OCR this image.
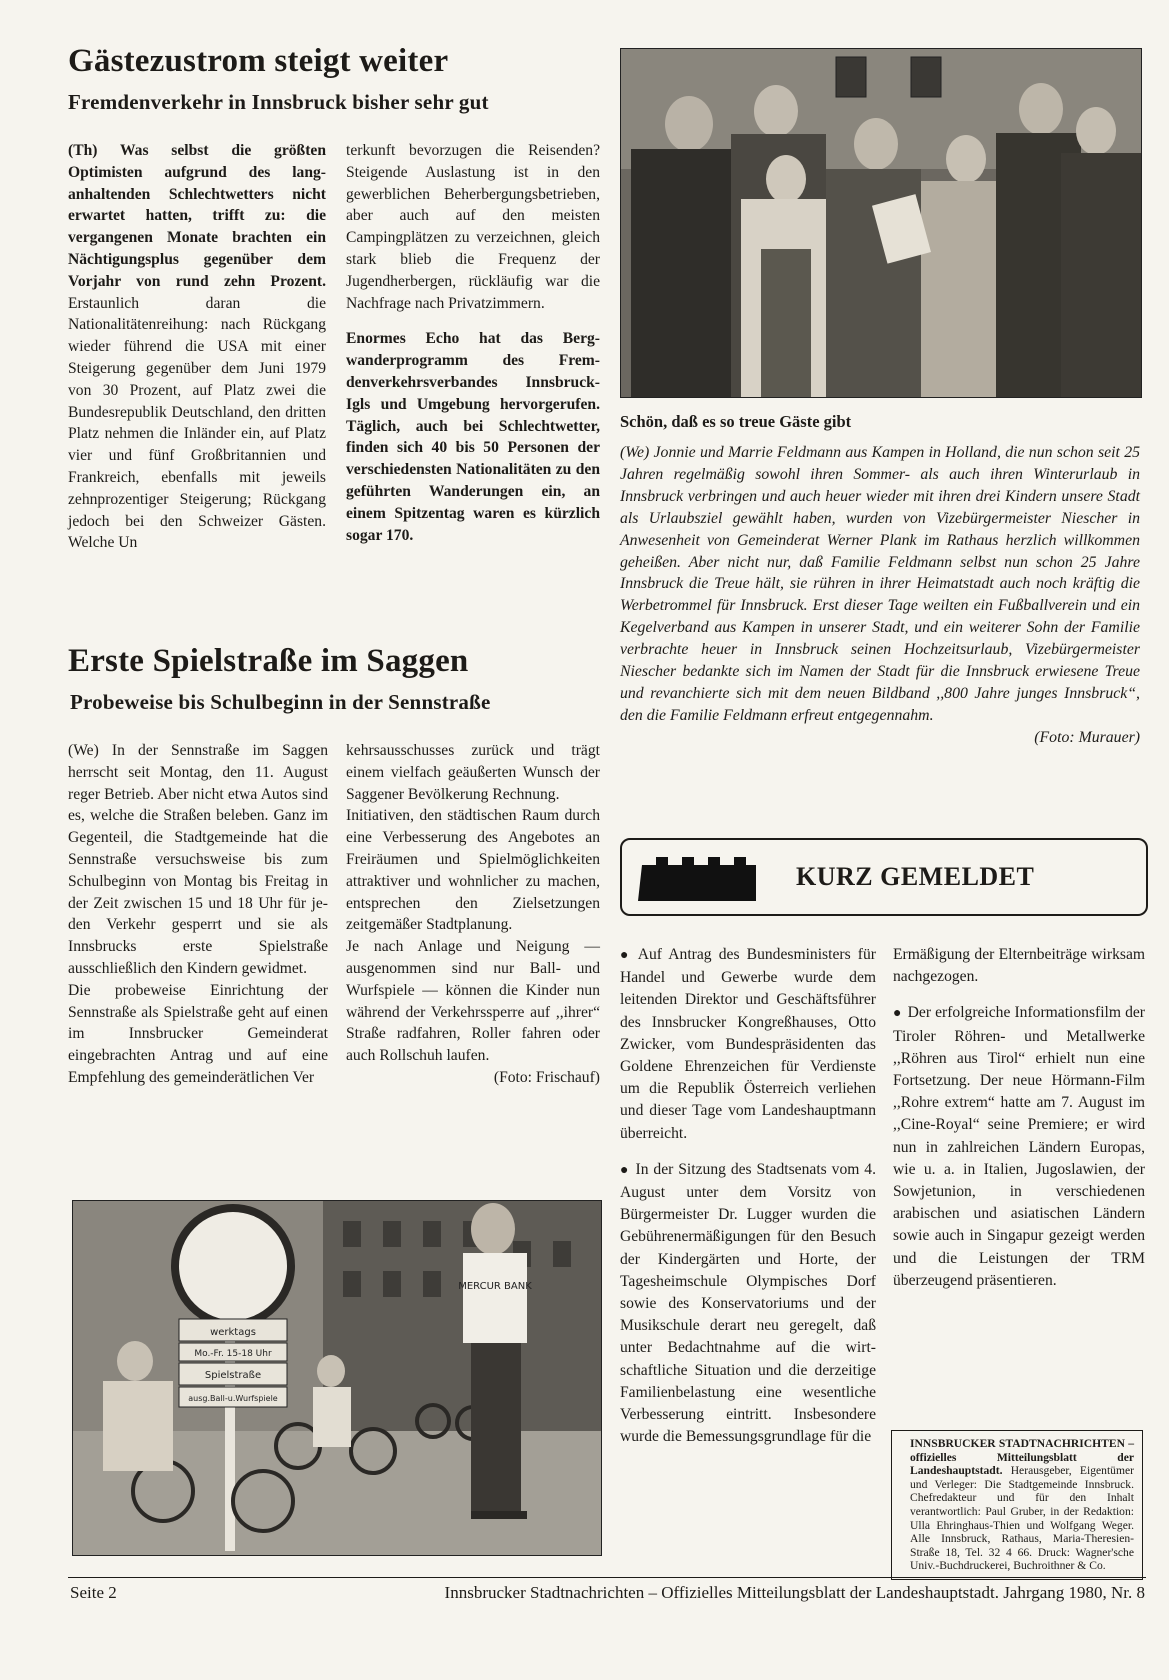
Gästezustrom steigt weiter
Fremdenverkehr in Innsbruck bisher sehr gut

(Th) Was selbst die größten Optimisten aufgrund des langanhaltenden Schlechtwetters nicht erwartet hatten, trifft zu: die vergangenen Monate brachten ein Nächtigungsplus gegenüber dem Vorjahr von rund zehn Prozent. Erstaunlich daran die Nationalitätenreihung: nach Rückgang wieder führend die USA mit einer Steigerung gegenüber dem Juni 1979 von 30 Prozent, auf Platz zwei die Bundesrepublik Deutschland, den dritten Platz nehmen die Inländer ein, auf Platz vier und fünf Großbritannien und Frankreich, ebenfalls mit jeweils zehnprozentiger Steigerung; Rückgang jedoch bei den Schweizer Gästen. Welche Un

terkunft bevorzugen die Reisenden? Steigende Auslastung ist in den gewerblichen Beherbergungsbetrieben, aber auch auf den meisten Campingplätzen zu verzeichnen, gleich stark blieb die Frequenz der Jugendherbergen, rückläufig war die Nachfrage nach Privatzimmern.

Enormes Echo hat das Bergwanderprogramm des Fremdenverkehrsverbandes Innsbruck-Igls und Umgebung hervorgerufen. Täglich, auch bei Schlechtwetter, finden sich 40 bis 50 Personen der verschiedensten Nationalitäten zu den geführten Wanderungen ein, an einem Spitzentag waren es kürzlich sogar 170.

Schön, daß es so treue Gäste gibt

(We) Jonnie und Marrie Feldmann aus Kampen in Holland, die nun schon seit 25 Jahren regelmäßig sowohl ihren Sommer- als auch ihren Winterurlaub in Innsbruck verbringen und auch heuer wieder mit ihren drei Kindern unsere Stadt als Urlaubsziel gewählt haben, wurden von Vizebürgermeister Niescher in Anwesenheit von Gemeinderat Werner Plank im Rathaus herzlich willkommen geheißen. Aber nicht nur, daß Familie Feldmann selbst nun schon 25 Jahre Innsbruck die Treue hält, sie rühren in ihrer Heimatstadt auch noch kräftig die Werbetrommel für Innsbruck. Erst dieser Tage weilten ein Fußballverein und ein Kegelverband aus Kampen in unserer Stadt, und ein weiterer Sohn der Familie verbrachte heuer in Innsbruck seinen Hochzeitsurlaub, Vizebürgermeister Niescher bedankte sich im Namen der Stadt für die Innsbruck erwiesene Treue und revanchierte sich mit dem neuen Bildband ,,800 Jahre junges Innsbruck“, den die Familie Feldmann erfreut entgegennahm.

(Foto: Murauer)

Erste Spielstraße im Saggen
Probeweise bis Schulbeginn in der Sennstraße

(We) In der Sennstraße im Saggen herrscht seit Montag, den 11. August reger Betrieb. Aber nicht etwa Autos sind es, welche die Straßen beleben. Ganz im Gegenteil, die Stadtgemeinde hat die Sennstraße versuchsweise bis zum Schulbeginn von Montag bis Freitag in der Zeit zwischen 15 und 18 Uhr für jeden Verkehr gesperrt und sie als Innsbrucks erste Spielstraße ausschließlich den Kindern gewidmet.

Die probeweise Einrichtung der Sennstraße als Spielstraße geht auf einen im Innsbrucker Gemeinderat eingebrachten Antrag und auf eine Empfehlung des gemeinderätlichen Ver

kehrsausschusses zurück und trägt einem vielfach geäußerten Wunsch der Saggener Bevölkerung Rechnung.

Initiativen, den städtischen Raum durch eine Verbesserung des Angebotes an Freiräumen und Spielmöglichkeiten attraktiver und wohnlicher zu machen, entsprechen den Zielsetzungen zeitgemäßer Stadtplanung.

Je nach Anlage und Neigung — ausgenommen sind nur Ball- und Wurfspiele — können die Kinder nun während der Verkehrssperre auf ,,ihrer“ Straße radfahren, Roller fahren oder auch Rollschuh laufen.

(Foto: Frischauf)

werktags
Mo.-Fr. 15-18 Uhr
Spielstraße
ausg.Ball-u.Wurfspiele
MERCUR BANK
KURZ GEMELDET

● Auf Antrag des Bundesministers für Handel und Gewerbe wurde dem leitenden Direktor und Geschäftsführer des Innsbrucker Kongreßhauses, Otto Zwicker, vom Bundespräsidenten das Goldene Ehrenzeichen für Verdienste um die Republik Österreich verliehen und dieser Tage vom Landeshauptmann überreicht.

● In der Sitzung des Stadtsenats vom 4. August unter dem Vorsitz von Bürgermeister Dr. Lugger wurden die Gebührenermäßigungen für den Besuch der Kindergärten und Horte, der Tagesheimschule Olympisches Dorf sowie des Konservatoriums und der Musikschule derart neu geregelt, daß unter Bedachtnahme auf die wirtschaftliche Situation und die derzeitige Familienbelastung eine wesentliche Verbesserung eintritt. Insbesondere wurde die Bemessungsgrundlage für die

Ermäßigung der Elternbeiträge wirksam nachgezogen.

● Der erfolgreiche Informationsfilm der Tiroler Röhren- und Metallwerke ,,Röhren aus Tirol“ erhielt nun eine Fortsetzung. Der neue Hörmann-Film ,,Rohre extrem“ hatte am 7. August im ,,Cine-Royal“ seine Premiere; er wird nun in zahlreichen Ländern Europas, wie u. a. in Italien, Jugoslawien, der Sowjetunion, in verschiedenen arabischen und asiatischen Ländern sowie auch in Singapur gezeigt werden und die Leistungen der TRM überzeugend präsentieren.

INNSBRUCKER STADTNACHRICHTEN – offizielles Mitteilungsblatt der Landeshauptstadt. Herausgeber, Eigentümer und Verleger: Die Stadtgemeinde Innsbruck. Chefredakteur und für den Inhalt verantwortlich: Paul Gruber, in der Redaktion: Ulla Ehringhaus-Thien und Wolfgang Weger. Alle Innsbruck, Rathaus, Maria-Theresien-Straße 18, Tel. 32 4 66. Druck: Wagner'sche Univ.-Buchdruckerei, Buchroithner & Co.
Seite 2	Innsbrucker Stadtnachrichten – Offizielles Mitteilungsblatt der Landeshauptstadt. Jahrgang 1980, Nr. 8
